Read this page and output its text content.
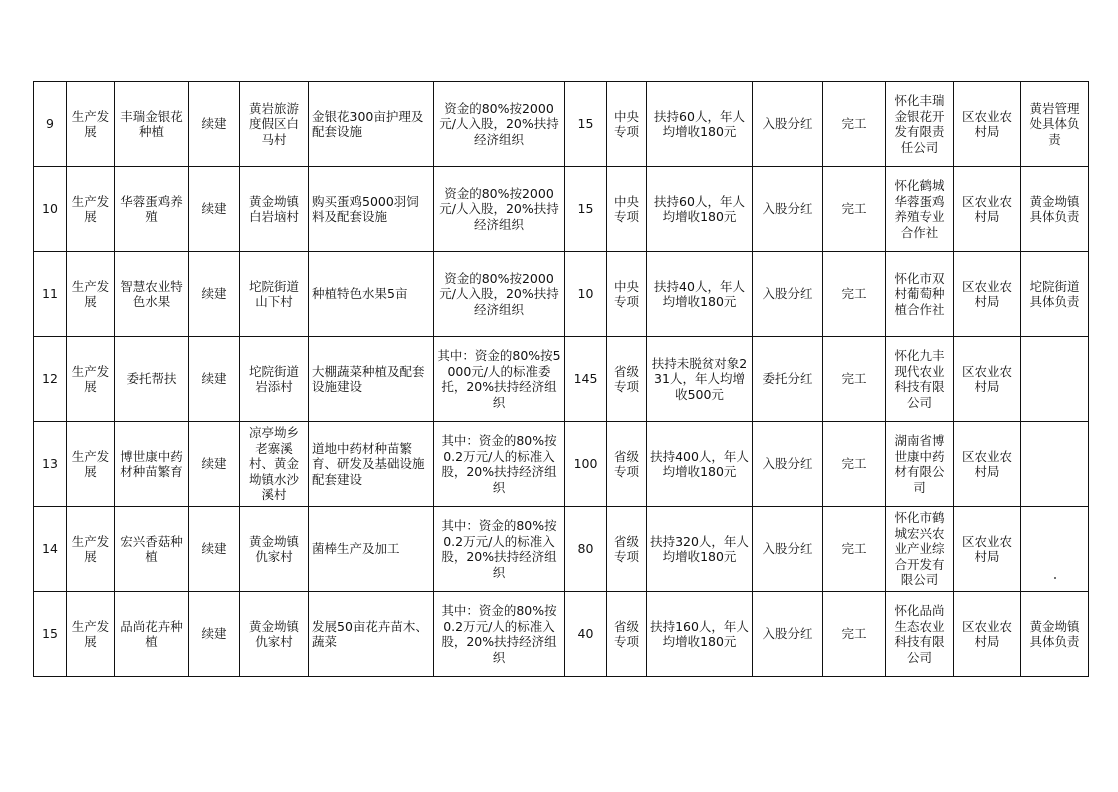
9	生产发展	丰瑞金银花种植	续建	黄岩旅游度假区白马村	金银花300亩护理及配套设施	资金的80%按2000元/人入股，20%扶持经济组织	15	中央专项	扶持60人，年人均增收180元	入股分红	完工	怀化丰瑞金银花开发有限责任公司	区农业农村局	黄岩管理处具体负责
10	生产发展	华蓉蛋鸡养殖	续建	黄金坳镇白岩垴村	购买蛋鸡5000羽饲料及配套设施	资金的80%按2000元/人入股，20%扶持经济组织	15	中央专项	扶持60人，年人均增收180元	入股分红	完工	怀化鹤城华蓉蛋鸡养殖专业合作社	区农业农村局	黄金坳镇具体负责
11	生产发展	智慧农业特色水果	续建	坨院街道山下村	种植特色水果5亩	资金的80%按2000元/人入股，20%扶持经济组织	10	中央专项	扶持40人，年人均增收180元	入股分红	完工	怀化市双村葡萄种植合作社	区农业农村局	坨院街道具体负责
12	生产发展	委托帮扶	续建	坨院街道岩添村	大棚蔬菜种植及配套设施建设	其中：资金的80%按5000元/人的标准委托，20%扶持经济组织	145	省级专项	扶持未脱贫对象231人，年人均增收500元	委托分红	完工	怀化九丰现代农业科技有限公司	区农业农村局	
13	生产发展	博世康中药材种苗繁育	续建	凉亭坳乡老寨溪村、黄金坳镇水沙溪村	道地中药材种苗繁育、研发及基础设施配套建设	其中：资金的80%按0.2万元/人的标准入股，20%扶持经济组织	100	省级专项	扶持400人，年人均增收180元	入股分红	完工	湖南省博世康中药材有限公司	区农业农村局	
14	生产发展	宏兴香菇种植	续建	黄金坳镇仇家村	菌棒生产及加工	其中：资金的80%按0.2万元/人的标准入股，20%扶持经济组织	80	省级专项	扶持320人，年人均增收180元	入股分红	完工	怀化市鹤城宏兴农业产业综合开发有限公司	区农业农村局	
15	生产发展	品尚花卉种植	续建	黄金坳镇仇家村	发展50亩花卉苗木、蔬菜	其中：资金的80%按0.2万元/人的标准入股，20%扶持经济组织	40	省级专项	扶持160人，年人均增收180元	入股分红	完工	怀化品尚生态农业科技有限公司	区农业农村局	黄金坳镇具体负责
